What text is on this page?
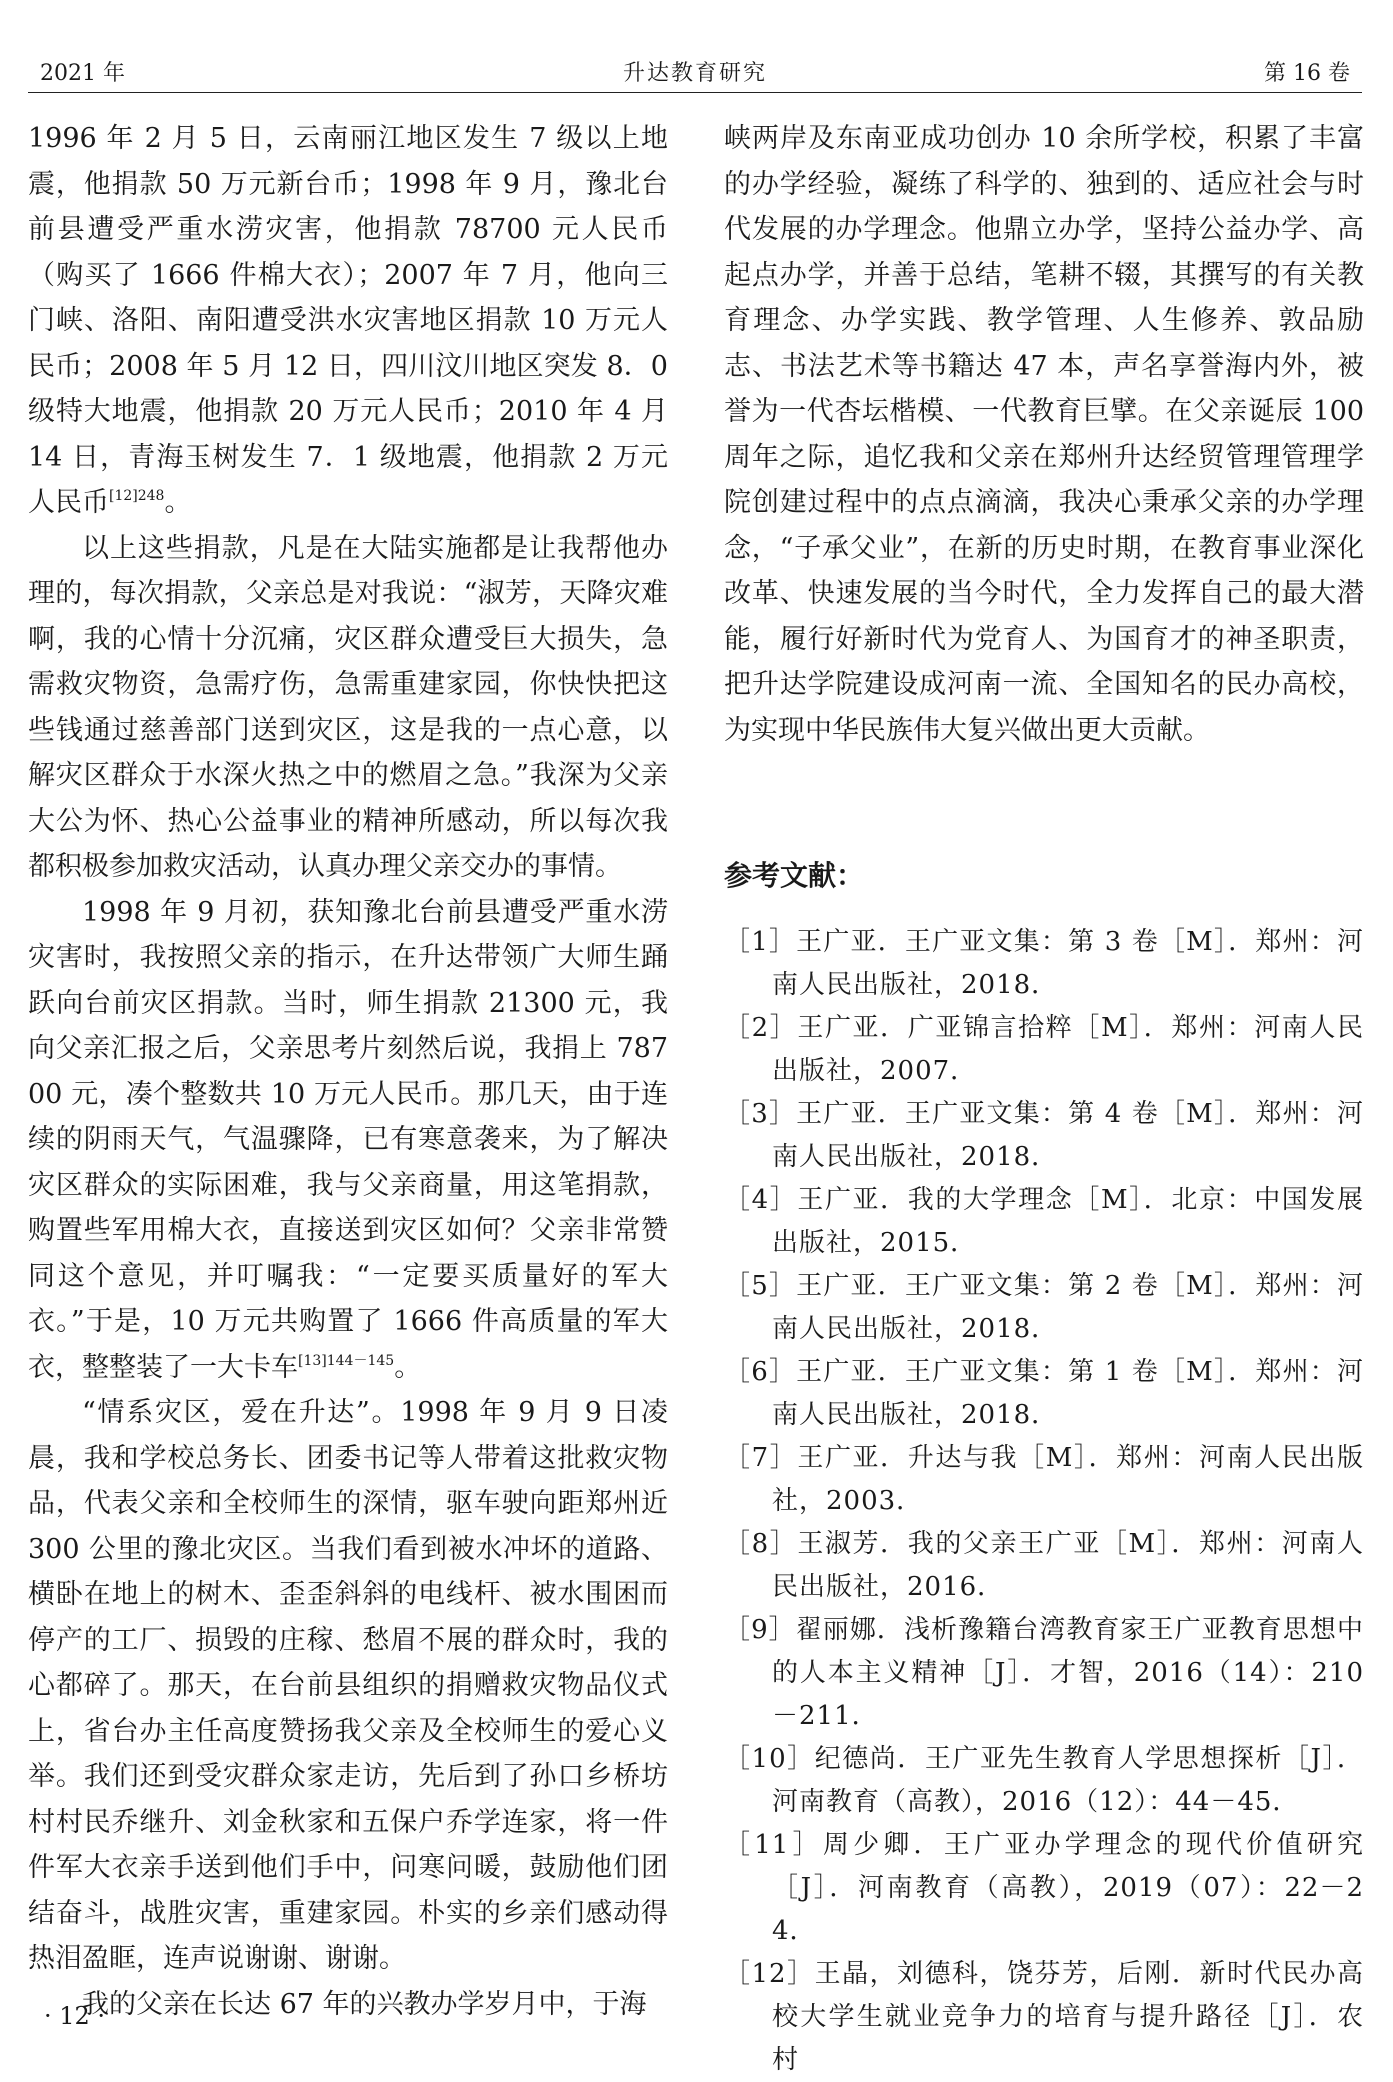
2021 年	升达教育研究	第 16 卷

1996 年 2 月 5 日，云南丽江地区发生 7 级以上地震，他捐款 50 万元新台币；1998 年 9 月，豫北台前县遭受严重水涝灾害，他捐款 78700 元人民币（购买了 1666 件棉大衣）；2007 年 7 月，他向三门峡、洛阳、南阳遭受洪水灾害地区捐款 10 万元人民币；2008 年 5 月 12 日，四川汶川地区突发 8．0 级特大地震，他捐款 20 万元人民币；2010 年 4 月 14 日，青海玉树发生 7．1 级地震，他捐款 2 万元人民币$^{[12]248}$。

以上这些捐款，凡是在大陆实施都是让我帮他办理的，每次捐款，父亲总是对我说：“淑芳，天降灾难啊，我的心情十分沉痛，灾区群众遭受巨大损失，急需救灾物资，急需疗伤，急需重建家园，你快快把这些钱通过慈善部门送到灾区，这是我的一点心意，以解灾区群众于水深火热之中的燃眉之急。”我深为父亲大公为怀、热心公益事业的精神所感动，所以每次我都积极参加救灾活动，认真办理父亲交办的事情。

1998 年 9 月初，获知豫北台前县遭受严重水涝灾害时，我按照父亲的指示，在升达带领广大师生踊跃向台前灾区捐款。当时，师生捐款 21300 元，我向父亲汇报之后，父亲思考片刻然后说，我捐上 78700 元，凑个整数共 10 万元人民币。那几天，由于连续的阴雨天气，气温骤降，已有寒意袭来，为了解决灾区群众的实际困难，我与父亲商量，用这笔捐款，购置些军用棉大衣，直接送到灾区如何？父亲非常赞同这个意见，并叮嘱我：“一定要买质量好的军大衣。”于是，10 万元共购置了 1666 件高质量的军大衣，整整装了一大卡车$^{[13]144-145}$。

“情系灾区，爱在升达”。1998 年 9 月 9 日凌晨，我和学校总务长、团委书记等人带着这批救灾物品，代表父亲和全校师生的深情，驱车驶向距郑州近 300 公里的豫北灾区。当我们看到被水冲坏的道路、横卧在地上的树木、歪歪斜斜的电线杆、被水围困而停产的工厂、损毁的庄稼、愁眉不展的群众时，我的心都碎了。那天，在台前县组织的捐赠救灾物品仪式上，省台办主任高度赞扬我父亲及全校师生的爱心义举。我们还到受灾群众家走访，先后到了孙口乡桥坊村村民乔继升、刘金秋家和五保户乔学连家，将一件件军大衣亲手送到他们手中，问寒问暖，鼓励他们团结奋斗，战胜灾害，重建家园。朴实的乡亲们感动得热泪盈眶，连声说谢谢、谢谢。

我的父亲在长达 67 年的兴教办学岁月中，于海

峡两岸及东南亚成功创办 10 余所学校，积累了丰富的办学经验，凝练了科学的、独到的、适应社会与时代发展的办学理念。他鼎立办学，坚持公益办学、高起点办学，并善于总结，笔耕不辍，其撰写的有关教育理念、办学实践、教学管理、人生修养、敦品励志、书法艺术等书籍达 47 本，声名享誉海内外，被誉为一代杏坛楷模、一代教育巨擘。在父亲诞辰 100 周年之际，追忆我和父亲在郑州升达经贸管理管理学院创建过程中的点点滴滴，我决心秉承父亲的办学理念，“子承父业”，在新的历史时期，在教育事业深化改革、快速发展的当今时代，全力发挥自己的最大潜能，履行好新时代为党育人、为国育才的神圣职责，把升达学院建设成河南一流、全国知名的民办高校，为实现中华民族伟大复兴做出更大贡献。

参考文献：
［1］王广亚．王广亚文集：第 3 卷［M］．郑州：河南人民出版社，2018．
［2］王广亚．广亚锦言拾粹［M］．郑州：河南人民出版社，2007．
［3］王广亚．王广亚文集：第 4 卷［M］．郑州：河南人民出版社，2018．
［4］王广亚．我的大学理念［M］．北京：中国发展出版社，2015．
［5］王广亚．王广亚文集：第 2 卷［M］．郑州：河南人民出版社，2018．
［6］王广亚．王广亚文集：第 1 卷［M］．郑州：河南人民出版社，2018．
［7］王广亚．升达与我［M］．郑州：河南人民出版社，2003．
［8］王淑芳．我的父亲王广亚［M］．郑州：河南人民出版社，2016．
［9］翟丽娜．浅析豫籍台湾教育家王广亚教育思想中的人本主义精神［J］．才智，2016（14）：210－211．
［10］纪德尚．王广亚先生教育人学思想探析［J］．河南教育（高教），2016（12）：44－45．
［11］周少卿．王广亚办学理念的现代价值研究［J］．河南教育（高教），2019（07）：22－24．
［12］王晶，刘德科，饶芬芳，后刚．新时代民办高校大学生就业竞争力的培育与提升路径［J］．农村
· 12 ·
